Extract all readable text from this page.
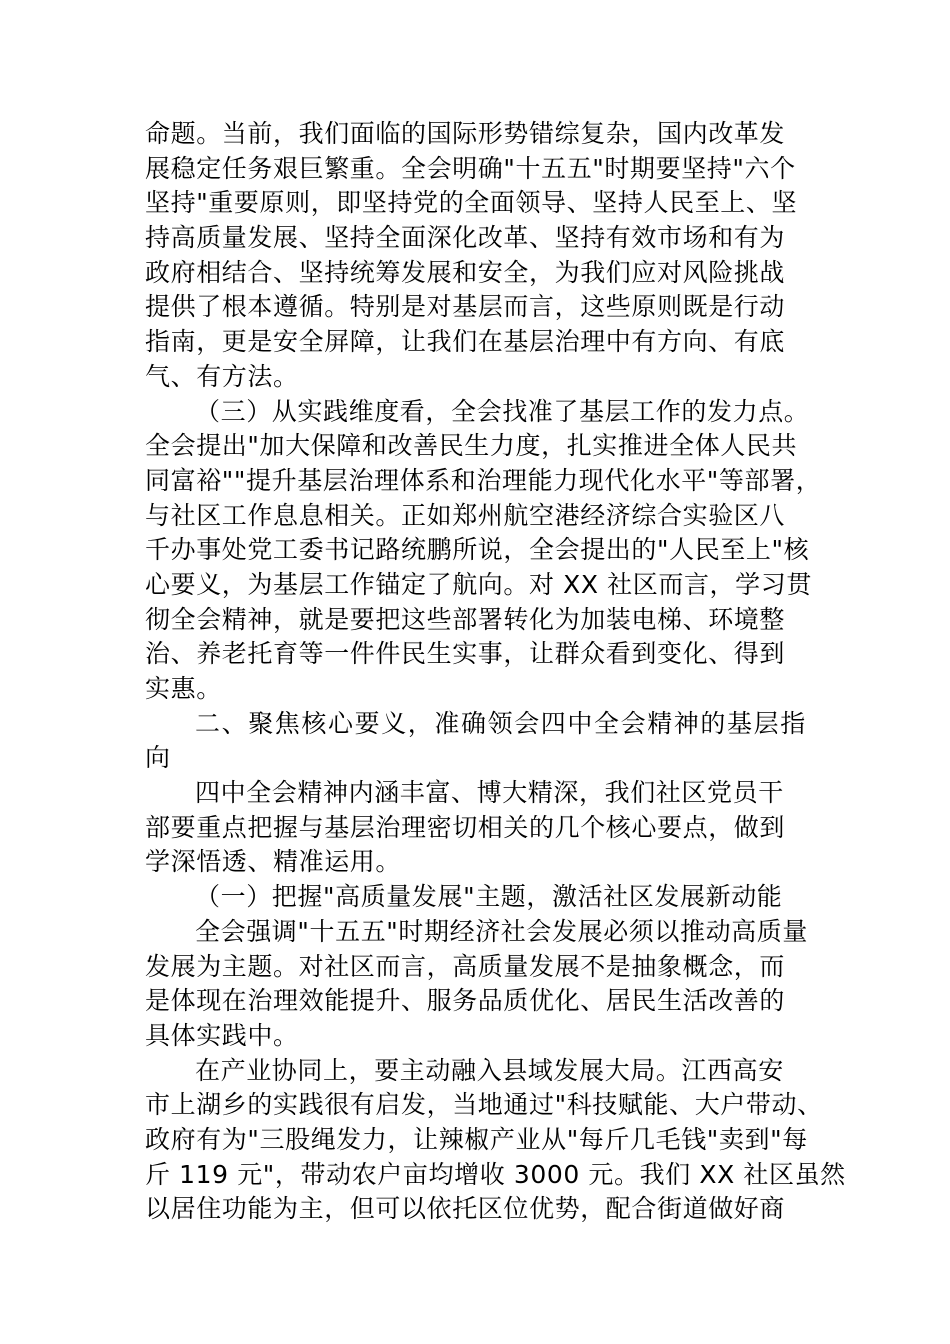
命题。当前，我们面临的国际形势错综复杂，国内改革发
展稳定任务艰巨繁重。全会明确"十五五"时期要坚持"六个
坚持"重要原则，即坚持党的全面领导、坚持人民至上、坚
持高质量发展、坚持全面深化改革、坚持有效市场和有为
政府相结合、坚持统筹发展和安全，为我们应对风险挑战
提供了根本遵循。特别是对基层而言，这些原则既是行动
指南，更是安全屏障，让我们在基层治理中有方向、有底
气、有方法。
（三）从实践维度看，全会找准了基层工作的发力点。
全会提出"加大保障和改善民生力度，扎实推进全体人民共
同富裕""提升基层治理体系和治理能力现代化水平"等部署，
与社区工作息息相关。正如郑州航空港经济综合实验区八
千办事处党工委书记路统鹏所说，全会提出的"人民至上"核
心要义，为基层工作锚定了航向。对 XX 社区而言，学习贯
彻全会精神，就是要把这些部署转化为加装电梯、环境整
治、养老托育等一件件民生实事，让群众看到变化、得到
实惠。
二、聚焦核心要义，准确领会四中全会精神的基层指
向
四中全会精神内涵丰富、博大精深，我们社区党员干
部要重点把握与基层治理密切相关的几个核心要点，做到
学深悟透、精准运用。
（一）把握"高质量发展"主题，激活社区发展新动能
全会强调"十五五"时期经济社会发展必须以推动高质量
发展为主题。对社区而言，高质量发展不是抽象概念，而
是体现在治理效能提升、服务品质优化、居民生活改善的
具体实践中。
在产业协同上，要主动融入县域发展大局。江西高安
市上湖乡的实践很有启发，当地通过"科技赋能、大户带动、
政府有为"三股绳发力，让辣椒产业从"每斤几毛钱"卖到"每
斤 119 元"，带动农户亩均增收 3000 元。我们 XX 社区虽然
以居住功能为主，但可以依托区位优势，配合街道做好商
